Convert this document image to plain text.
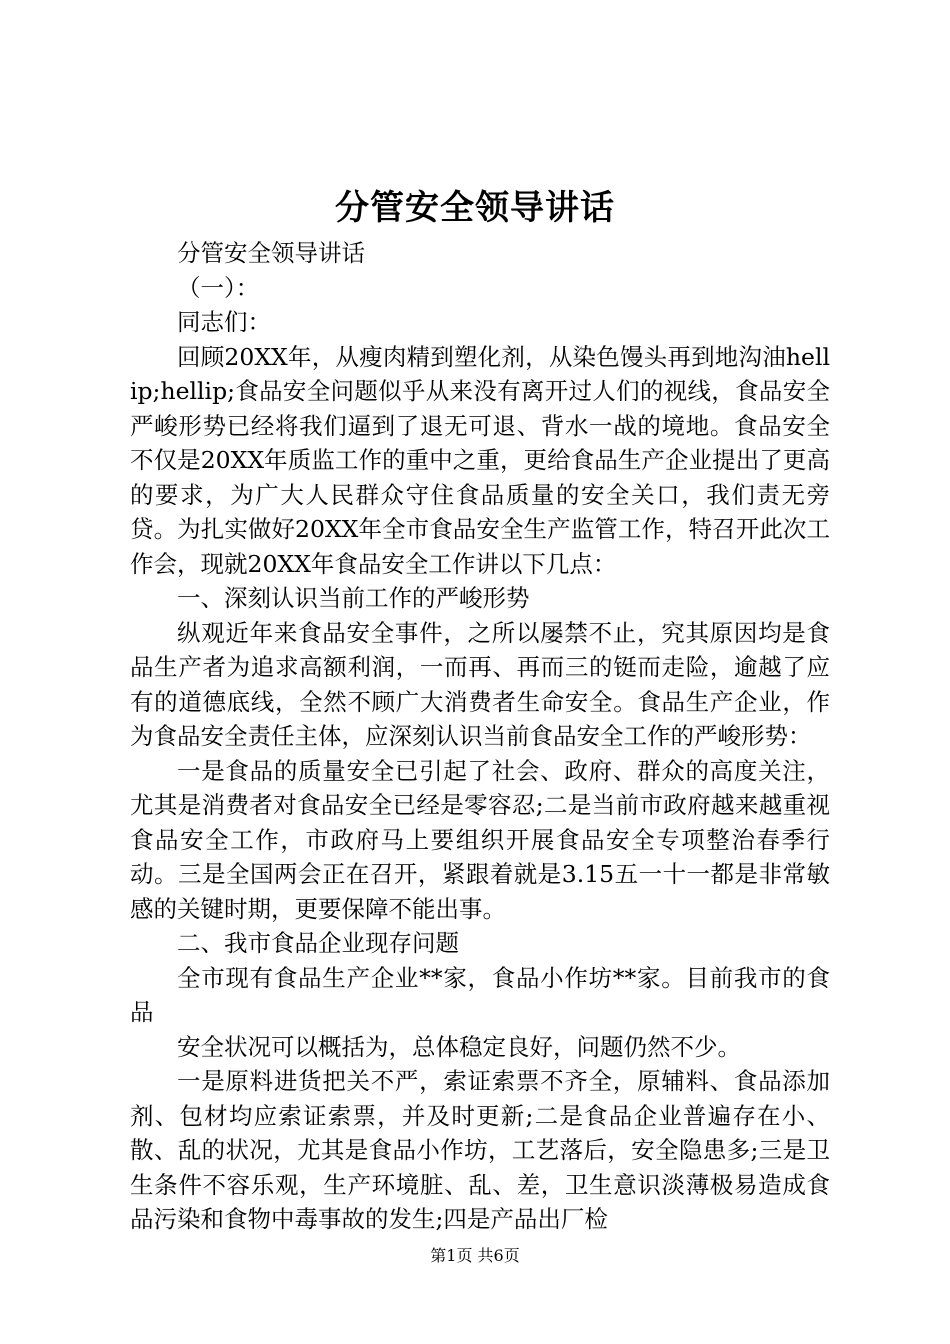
分管安全领导讲话

分管安全领导讲话

（一）：

同志们：

回顾20XX年，从瘦肉精到塑化剂，从染色馒头再到地沟油hellip;hellip;食品安全问题似乎从来没有离开过人们的视线，食品安全严峻形势已经将我们逼到了退无可退、背水一战的境地。食品安全不仅是20XX年质监工作的重中之重，更给食品生产企业提出了更高的要求，为广大人民群众守住食品质量的安全关口，我们责无旁贷。为扎实做好20XX年全市食品安全生产监管工作，特召开此次工作会，现就20XX年食品安全工作讲以下几点：

一、深刻认识当前工作的严峻形势

纵观近年来食品安全事件，之所以屡禁不止，究其原因均是食品生产者为追求高额利润，一而再、再而三的铤而走险，逾越了应有的道德底线，全然不顾广大消费者生命安全。食品生产企业，作为食品安全责任主体，应深刻认识当前食品安全工作的严峻形势：

一是食品的质量安全已引起了社会、政府、群众的高度关注，尤其是消费者对食品安全已经是零容忍;二是当前市政府越来越重视食品安全工作，市政府马上要组织开展食品安全专项整治春季行动。三是全国两会正在召开，紧跟着就是3.15五一十一都是非常敏感的关键时期，更要保障不能出事。

二、我市食品企业现存问题

全市现有食品生产企业**家，食品小作坊**家。目前我市的食品

安全状况可以概括为，总体稳定良好，问题仍然不少。

一是原料进货把关不严，索证索票不齐全，原辅料、食品添加剂、包材均应索证索票，并及时更新;二是食品企业普遍存在小、散、乱的状况，尤其是食品小作坊，工艺落后，安全隐患多;三是卫生条件不容乐观，生产环境脏、乱、差，卫生意识淡薄极易造成食品污染和食物中毒事故的发生;四是产品出厂检

第1页 共6页
